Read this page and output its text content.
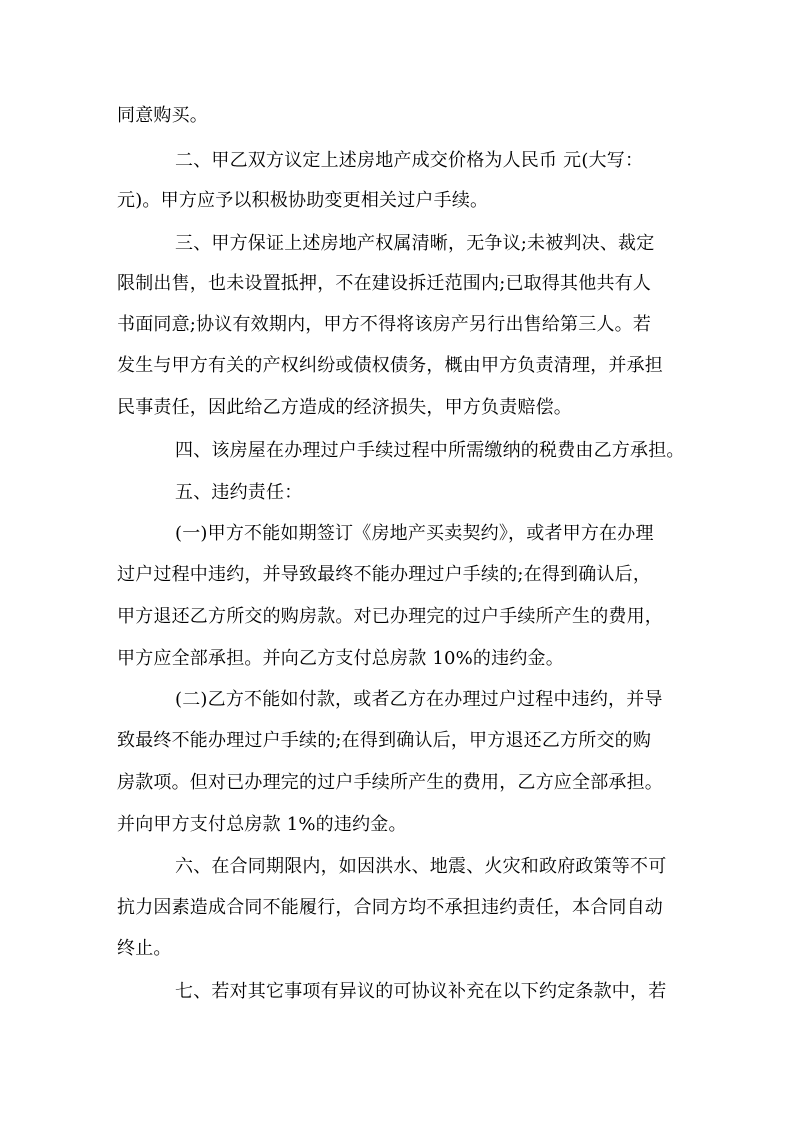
同意购买。
二、甲乙双方议定上述房地产成交价格为人民币 元(大写：
元)。甲方应予以积极协助变更相关过户手续。
三、甲方保证上述房地产权属清晰，无争议;未被判决、裁定
限制出售，也未设置抵押，不在建设拆迁范围内;已取得其他共有人
书面同意;协议有效期内，甲方不得将该房产另行出售给第三人。若
发生与甲方有关的产权纠纷或债权债务，概由甲方负责清理，并承担
民事责任，因此给乙方造成的经济损失，甲方负责赔偿。
四、该房屋在办理过户手续过程中所需缴纳的税费由乙方承担。
五、违约责任：
(一)甲方不能如期签订《房地产买卖契约》，或者甲方在办理
过户过程中违约，并导致最终不能办理过户手续的;在得到确认后，
甲方退还乙方所交的购房款。对已办理完的过户手续所产生的费用，
甲方应全部承担。并向乙方支付总房款 10%的违约金。
(二)乙方不能如付款，或者乙方在办理过户过程中违约，并导
致最终不能办理过户手续的;在得到确认后，甲方退还乙方所交的购
房款项。但对已办理完的过户手续所产生的费用，乙方应全部承担。
并向甲方支付总房款 1%的违约金。
六、在合同期限内，如因洪水、地震、火灾和政府政策等不可
抗力因素造成合同不能履行，合同方均不承担违约责任，本合同自动
终止。
七、若对其它事项有异议的可协议补充在以下约定条款中，若
